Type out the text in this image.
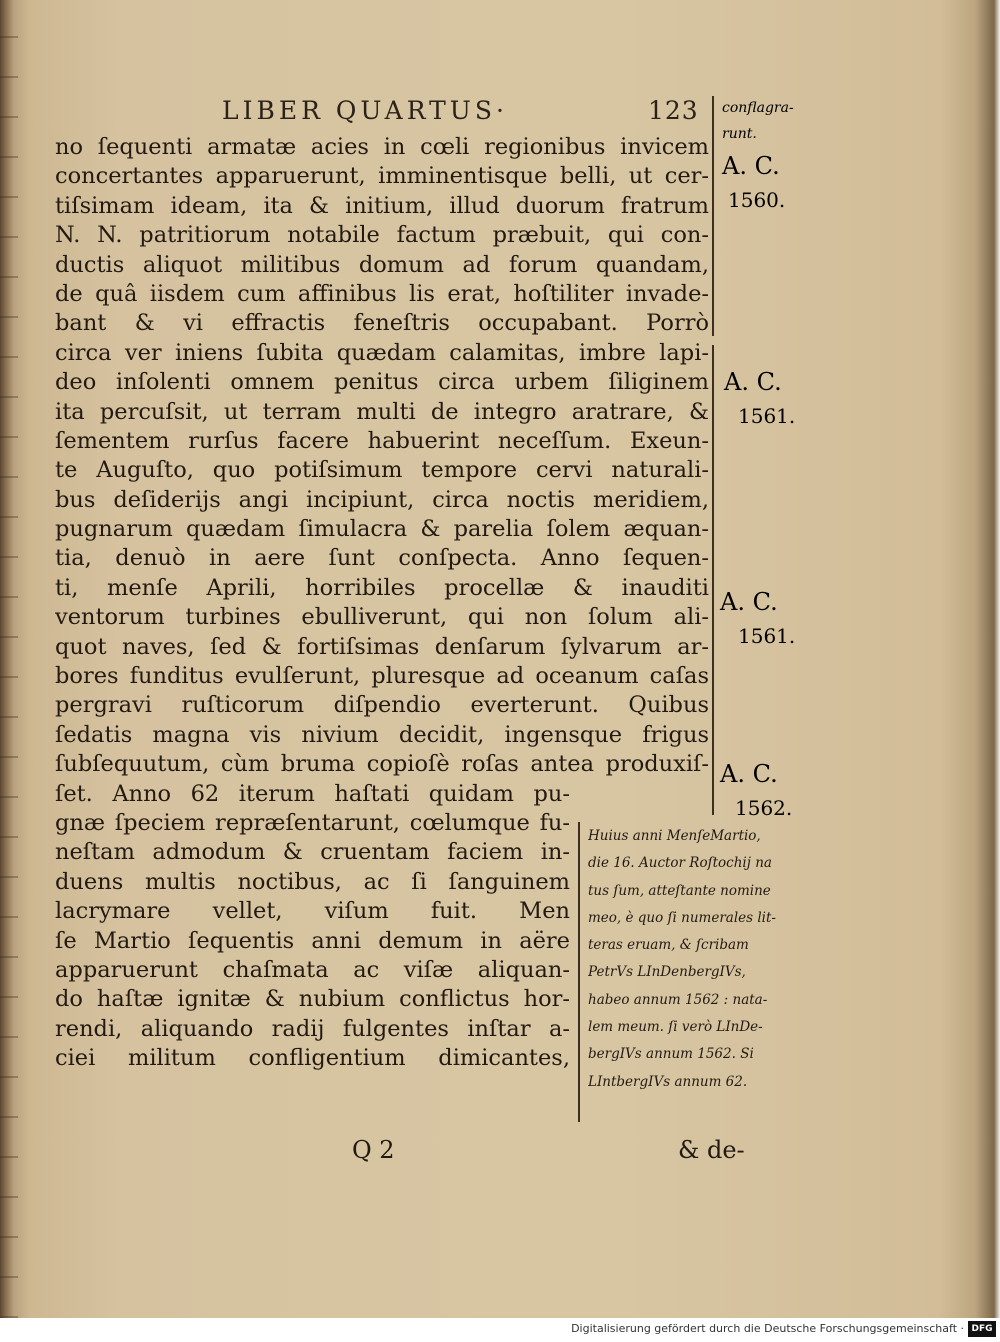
LIBER QUARTUS·	123
no ſequenti armatæ acies in cœli regionibus invicem
concertantes apparuerunt, imminentisque belli, ut cer-
tiſsimam ideam, ita & initium, illud duorum fratrum
N. N. patritiorum notabile factum præbuit, qui con-
ductis aliquot militibus domum ad forum quandam,
de quâ iisdem cum affinibus lis erat, hoſtiliter invade-
bant & vi effractis feneſtris occupabant. Porrò
circa ver iniens ſubita quædam calamitas, imbre lapi-
deo inſolenti omnem penitus circa urbem ſiliginem
ita percuſsit, ut terram multi de integro aratrare, &
ſementem rurſus facere habuerint neceſſum. Exeun-
te Auguſto, quo potiſsimum tempore cervi naturali-
bus deſiderijs angi incipiunt, circa noctis meridiem,
pugnarum quædam ſimulacra & parelia ſolem æquan-
tia, denuò in aere ſunt conſpecta. Anno ſequen-
ti, menſe Aprili, horribiles procellæ & inauditi
ventorum turbines ebulliverunt, qui non ſolum ali-
quot naves, ſed & fortiſsimas denſarum ſylvarum ar-
bores funditus evulſerunt, pluresque ad oceanum caſas
pergravi ruſticorum diſpendio everterunt. Quibus
ſedatis magna vis nivium decidit, ingensque frigus
ſubſequutum, cùm bruma copioſè roſas antea produxiſ-
ſet. Anno 62 iterum haſtati quidam pu-
gnæ ſpeciem repræſentarunt, cœlumque fu-
neſtam admodum & cruentam faciem in-
duens multis noctibus, ac ſi ſanguinem
lacrymare vellet, viſum fuit. Men
ſe Martio ſequentis anni demum in aëre
apparuerunt chaſmata ac viſæ aliquan-
do haſtæ ignitæ & nubium conflictus hor-
rendi, aliquando radij fulgentes inſtar a-
ciei militum confligentium dimicantes,
conflagra-
runt.
A. C.
1560.
A. C.
1561.
A. C.
1561.
A. C.
1562.
Huius anni MenſeMartio,
die 16. Auctor Roſtochij na
tus ſum, atteſtante nomine
meo, è quo ſi numerales lit-
teras eruam, & ſcribam
PetrVs LInDenbergIVs,
habeo annum 1562 : nata-
lem meum. ſi verò LInDe-
bergIVs annum 1562. Si
LIntbergIVs annum 62.
Q 2	& de-
Digitalisierung gefördert durch die Deutsche Forschungsgemeinschaft · DFG
